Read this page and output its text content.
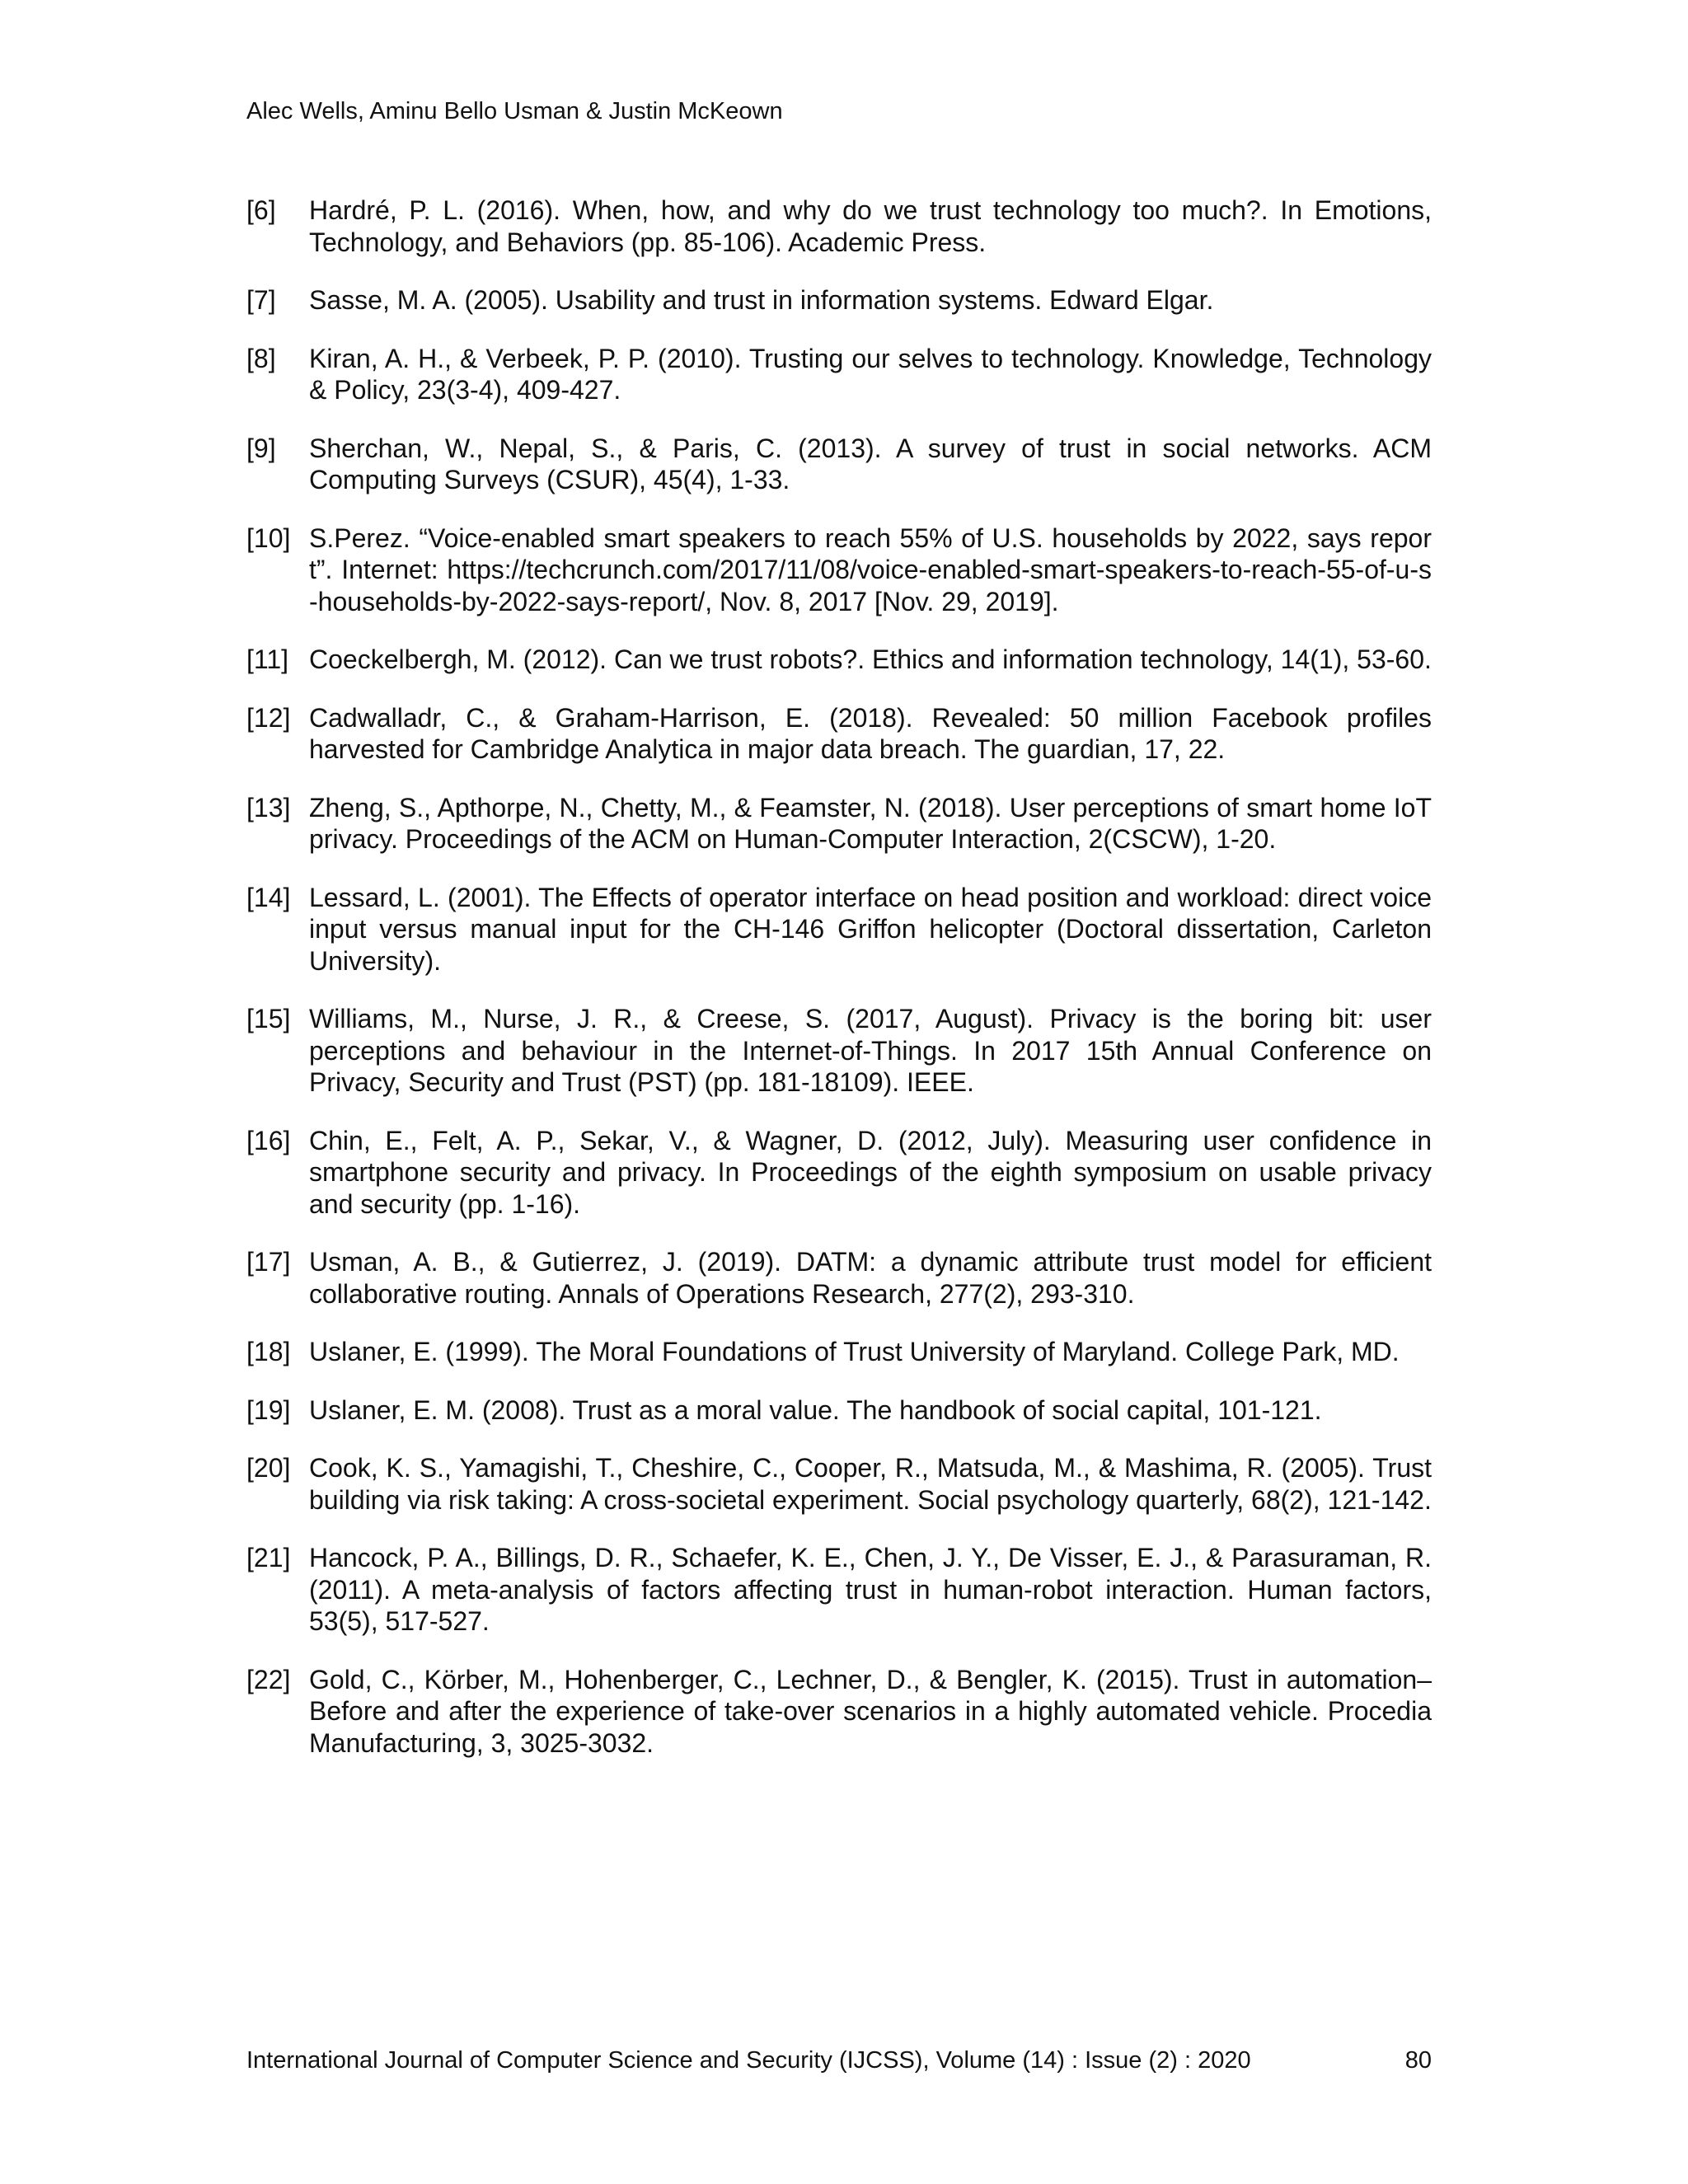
Alec Wells, Aminu Bello Usman & Justin McKeown
[6]	Hardré, P. L. (2016). When, how, and why do we trust technology too much?. In Emotions, Technology, and Behaviors (pp. 85-106). Academic Press.
[7]	Sasse, M. A. (2005). Usability and trust in information systems. Edward Elgar.
[8]	Kiran, A. H., & Verbeek, P. P. (2010). Trusting our selves to technology. Knowledge, Technology & Policy, 23(3-4), 409-427.
[9]	Sherchan, W., Nepal, S., & Paris, C. (2013). A survey of trust in social networks. ACM Computing Surveys (CSUR), 45(4), 1-33.
[10] S.Perez. “Voice-enabled smart speakers to reach 55% of U.S. households by 2022, says report”. Internet: https://techcrunch.com/2017/11/08/voice-enabled-smart-speakers-to-reach-55-of-u-s-households-by-2022-says-report/, Nov. 8, 2017 [Nov. 29, 2019].
[11] Coeckelbergh, M. (2012). Can we trust robots?. Ethics and information technology, 14(1), 53-60.
[12] Cadwalladr, C., & Graham-Harrison, E. (2018). Revealed: 50 million Facebook profiles harvested for Cambridge Analytica in major data breach. The guardian, 17, 22.
[13] Zheng, S., Apthorpe, N., Chetty, M., & Feamster, N. (2018). User perceptions of smart home IoT privacy. Proceedings of the ACM on Human-Computer Interaction, 2(CSCW), 1-20.
[14] Lessard, L. (2001). The Effects of operator interface on head position and workload: direct voice input versus manual input for the CH-146 Griffon helicopter (Doctoral dissertation, Carleton University).
[15] Williams, M., Nurse, J. R., & Creese, S. (2017, August). Privacy is the boring bit: user perceptions and behaviour in the Internet-of-Things. In 2017 15th Annual Conference on Privacy, Security and Trust (PST) (pp. 181-18109). IEEE.
[16] Chin, E., Felt, A. P., Sekar, V., & Wagner, D. (2012, July). Measuring user confidence in smartphone security and privacy. In Proceedings of the eighth symposium on usable privacy and security (pp. 1-16).
[17] Usman, A. B., & Gutierrez, J. (2019). DATM: a dynamic attribute trust model for efficient collaborative routing. Annals of Operations Research, 277(2), 293-310.
[18] Uslaner, E. (1999). The Moral Foundations of Trust University of Maryland. College Park, MD.
[19] Uslaner, E. M. (2008). Trust as a moral value. The handbook of social capital, 101-121.
[20] Cook, K. S., Yamagishi, T., Cheshire, C., Cooper, R., Matsuda, M., & Mashima, R. (2005). Trust building via risk taking: A cross-societal experiment. Social psychology quarterly, 68(2), 121-142.
[21] Hancock, P. A., Billings, D. R., Schaefer, K. E., Chen, J. Y., De Visser, E. J., & Parasuraman, R. (2011). A meta-analysis of factors affecting trust in human-robot interaction. Human factors, 53(5), 517-527.
[22] Gold, C., Körber, M., Hohenberger, C., Lechner, D., & Bengler, K. (2015). Trust in automation–Before and after the experience of take-over scenarios in a highly automated vehicle. Procedia Manufacturing, 3, 3025-3032.
International Journal of Computer Science and Security (IJCSS), Volume (14) : Issue (2) : 2020	80
